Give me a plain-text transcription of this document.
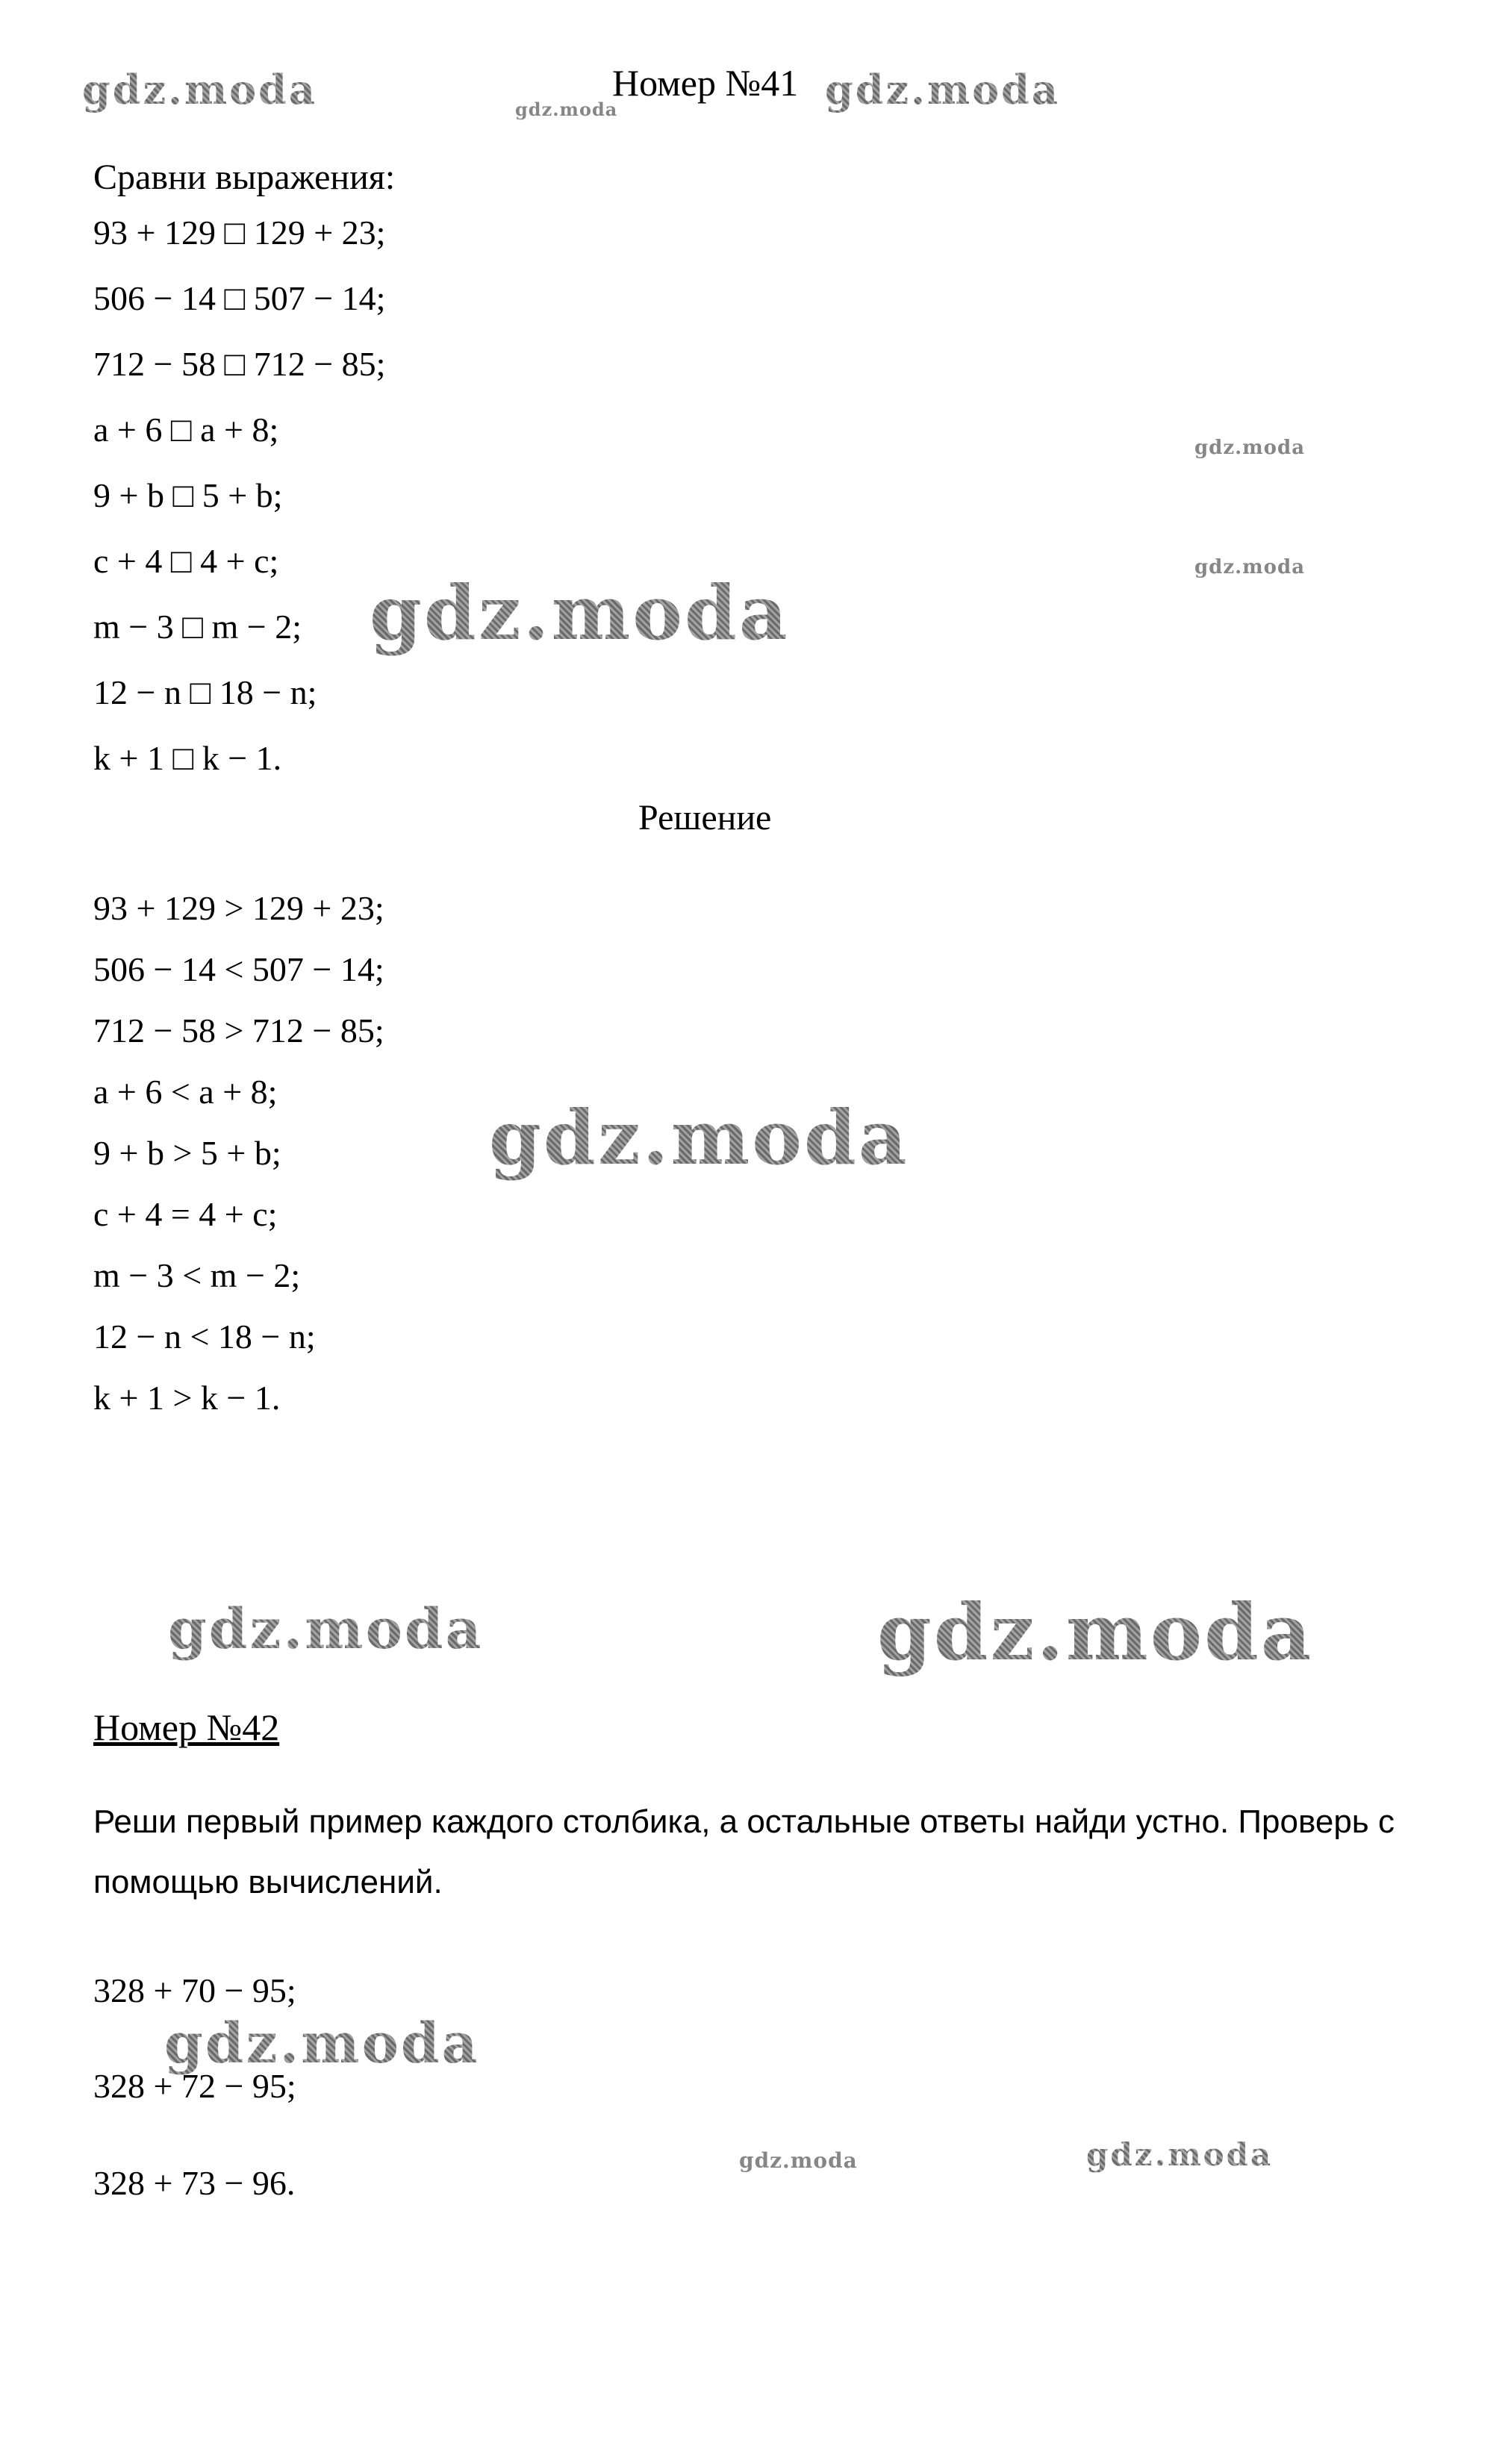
gdz.moda	gdz.moda
Номер №41 gdz.moda
gdz.moda
gdz.moda
Сравни выражения:
93 + 129 □ 129 + 23;
506 − 14 □ 507 − 14;
712 − 58 □ 712 − 85;
a + 6 □ a + 8;
9 + b □ 5 + b;
c + 4 □ 4 + c;
m − 3 □ m − 2;
12 − n □ 18 − n;
k + 1 □ k − 1.
gdz.moda
Решение
93 + 129 > 129 + 23;
506 − 14 < 507 − 14;
712 − 58 > 712 − 85;
a + 6 < a + 8;
9 + b > 5 + b;
c + 4 = 4 + c;
m − 3 < m − 2;
12 − n < 18 − n;
k + 1 > k − 1.
gdz.moda
gdz.moda	gdz.moda
Номер №42
Реши первый пример каждого столбика, а остальные ответы найди устно. Проверь с помощью вычислений.
328 + 70 − 95;
gdz.moda
328 + 72 − 95;
328 + 73 − 96.
gdz.moda	gdz.moda
